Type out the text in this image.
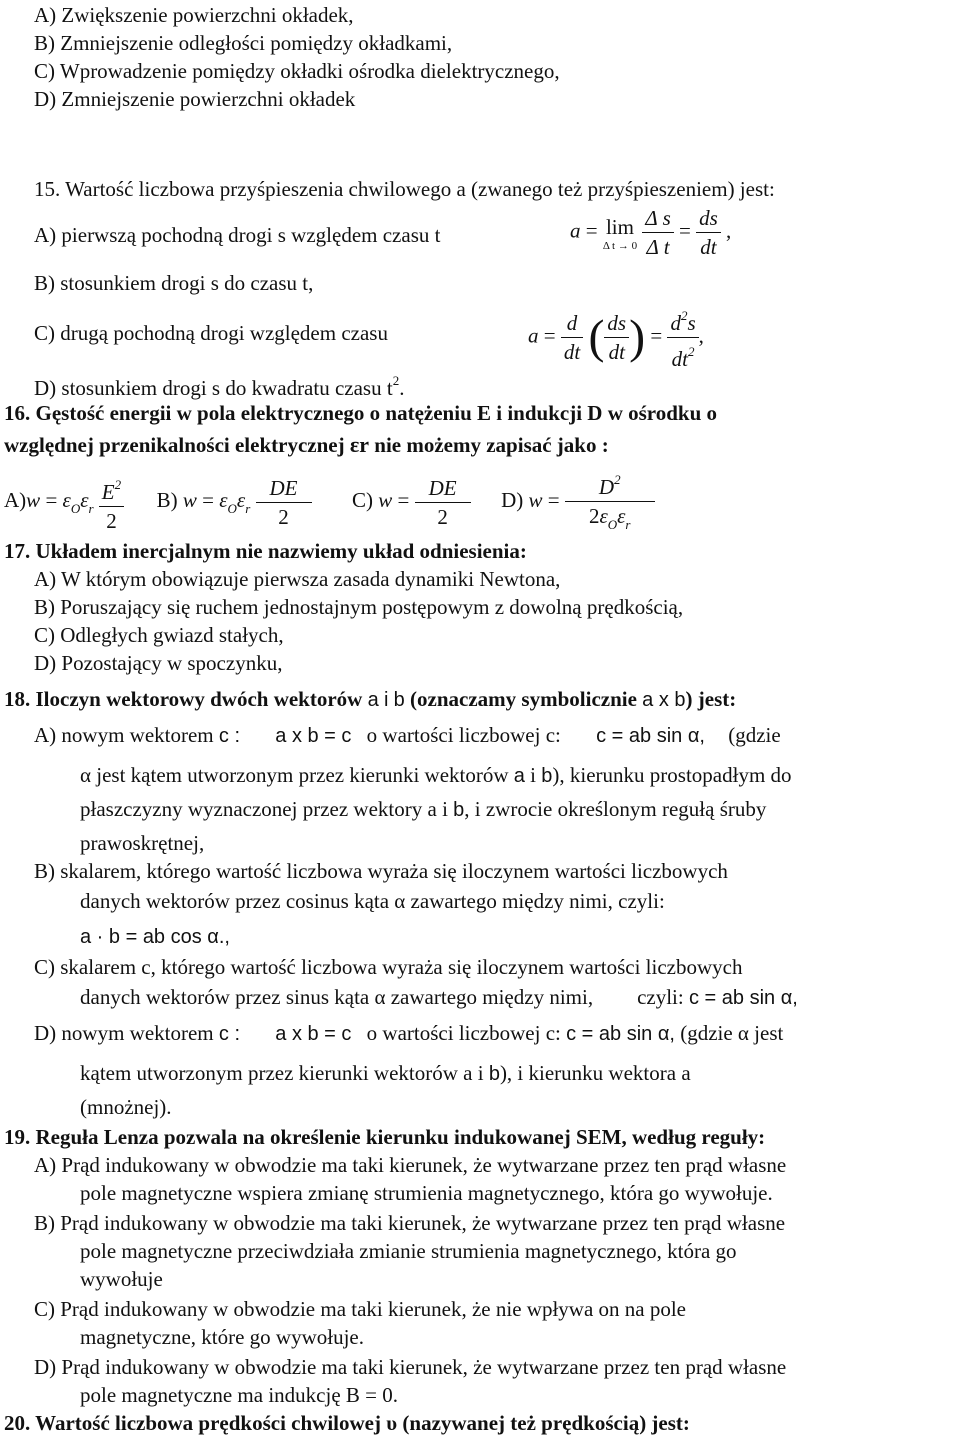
A) Zwiększenie powierzchni okładek,
B) Zmniejszenie odległości pomiędzy okładkami,
C) Wprowadzenie pomiędzy okładki ośrodka dielektrycznego,
D) Zmniejszenie powierzchni okładek
15. Wartość liczbowa przyśpieszenia chwilowego a (zwanego też przyśpieszeniem) jest:
A) pierwszą pochodną drogi s względem czasu t	a = lim
Δ t → 0
$\frac{\text{Δ s}}{\text{Δ t}} = \frac{ds}{dt}$ ,
B) stosunkiem drogi s do czasu t,
C) drugą pochodną drogi względem czasu	$a = \frac{d}{dt}$ ( $\frac{ds}{dt}$ ) = $\frac{d^2s}{dt^2}$ ,
D) stosunkiem drogi s do kwadratu czasu $t^2$.
16. Gęstość energii w pola elektrycznego o natężeniu E i indukcji D w ośrodku o
względnej przenikalności elektrycznej εr nie możemy zapisać jako :
$A)w = \varepsilon_O\varepsilon_r \frac{E^2}{2} B$) $w = \varepsilon_O\varepsilon_r \frac{DE}{2} C$) $w = \frac{DE}{2} D$) $w = \frac{D^2}{2\varepsilon_O\varepsilon_r}$
17. Układem inercjalnym nie nazwiemy układ odniesienia:
A) W którym obowiązuje pierwsza zasada dynamiki Newtona,
B) Poruszający się ruchem jednostajnym postępowym z dowolną prędkością,
C) Odległych gwiazd stałych,
D) Pozostający w spoczynku,
18. Iloczyn wektorowy dwóch wektorów a i b (oznaczamy symbolicznie a x b) jest:
A) nowym wektorem c : a x b = c o wartości liczbowej c: c = ab sin α, (gdzie
α jest kątem utworzonym przez kierunki wektorów a i b), kierunku prostopadłym do
płaszczyzny wyznaczonej przez wektory a i b, i zwrocie określonym regułą śruby
prawoskrętnej,
B) skalarem, którego wartość liczbowa wyraża się iloczynem wartości liczbowych
danych wektorów przez cosinus kąta α zawartego między nimi, czyli:
a · b = ab cos α.,
C) skalarem c, którego wartość liczbowa wyraża się iloczynem wartości liczbowych
danych wektorów przez sinus kąta α zawartego między nimi, czyli: c = ab sin α,
D) nowym wektorem c : a x b = c o wartości liczbowej c: c = ab sin α, (gdzie α jest
kątem utworzonym przez kierunki wektorów a i b), i kierunku wektora a
(mnożnej).
19. Reguła Lenza pozwala na określenie kierunku indukowanej SEM, według reguły:
A) Prąd indukowany w obwodzie ma taki kierunek, że wytwarzane przez ten prąd własne
pole magnetyczne wspiera zmianę strumienia magnetycznego, która go wywołuje.
B) Prąd indukowany w obwodzie ma taki kierunek, że wytwarzane przez ten prąd własne
pole magnetyczne przeciwdziała zmianie strumienia magnetycznego, która go
wywołuje
C) Prąd indukowany w obwodzie ma taki kierunek, że nie wpływa on na pole
magnetyczne, które go wywołuje.
D) Prąd indukowany w obwodzie ma taki kierunek, że wytwarzane przez ten prąd własne
pole magnetyczne ma indukcję B = 0.
20. Wartość liczbowa prędkości chwilowej υ (nazywanej też prędkością) jest:
